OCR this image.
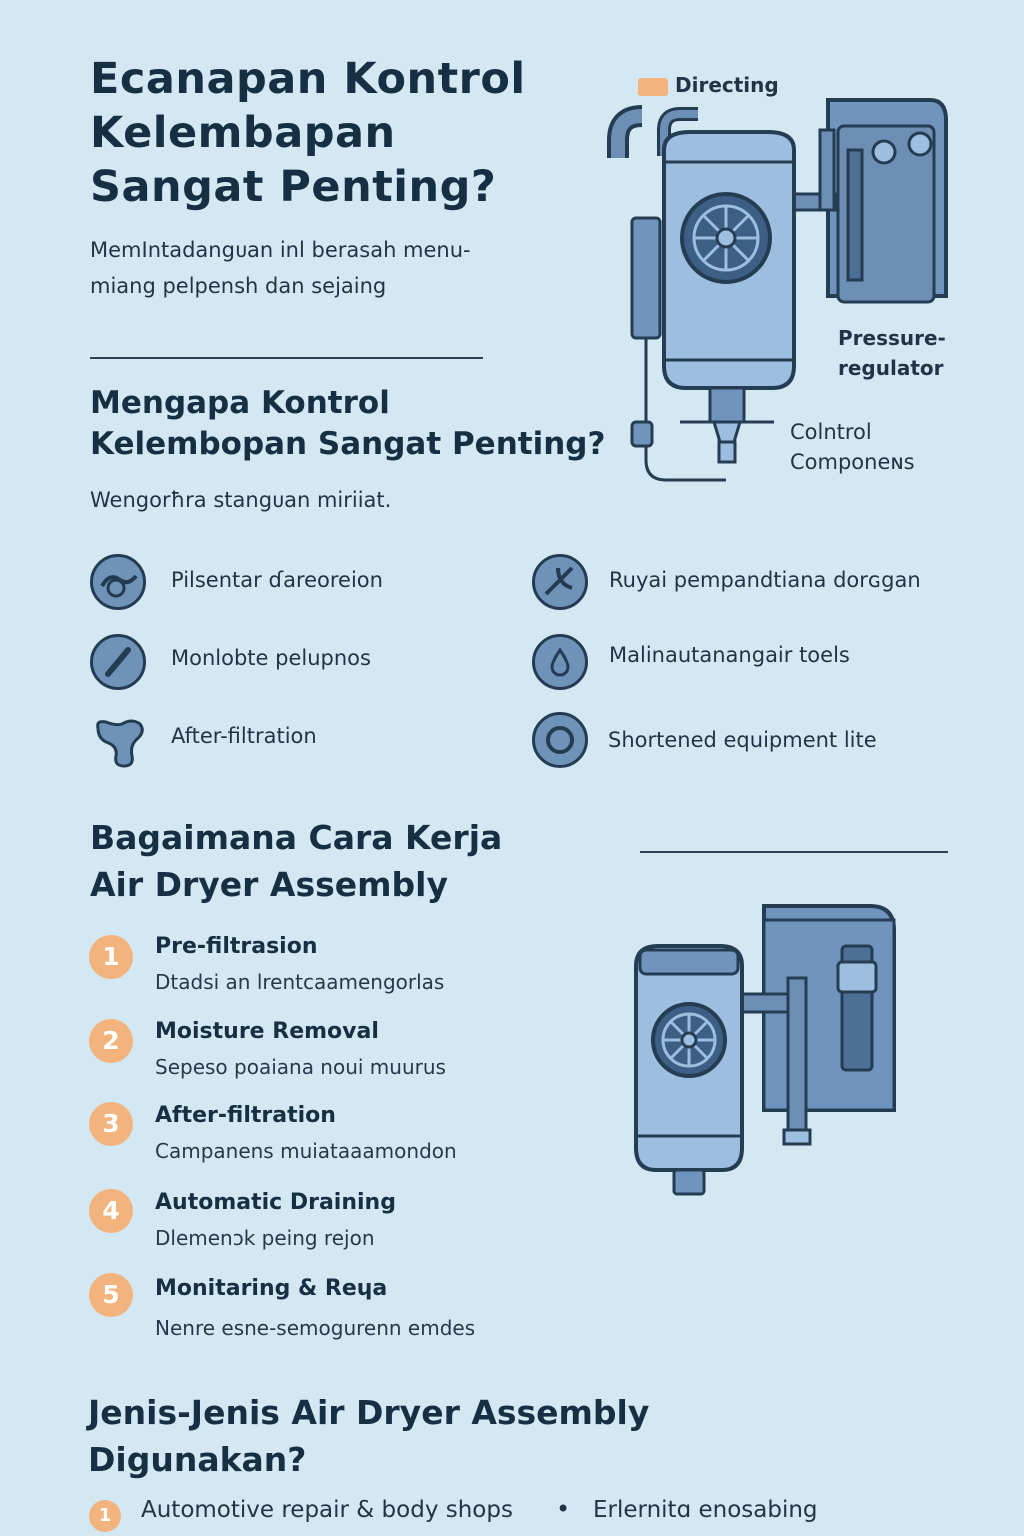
Ecanapan Kontrol
Kelembapan
Sangat Penting?
MemIntadangᴜan inl berasah menu-
miang pelpensh dan sejaing
Directing
Pressure-
regulator
Colntrol
Componeɴs
Mengapa Kontrol
Kelembopan Sangat Penting?
Wengorħra stangᴜan miriiat.
Pilsentar ɗareoreion	Ruyai pempandtiana dorɢgan
Monlobte pelupnos	Malinautanangair toels
After-filtration	Shortened equipment lite
Bagaimana Cara Kerja
Air Dryer Assembly
1	Pre-filtrasion
Dtadsi an lrentcaamengorlas
2	Moisture Removal
Sepeso poaiana noui muurus
3	After-filtration
Campanens muiataaamondon
4	Automatic Draining
Dlemenɔk peing rejon
5	Monitaring & Reɥa
Nenre esne-semogurenn emdes
Jenis-Jenis Air Dryer Assembly
Digunakan?
1	Automotive repair & body shops • Erlernitɑ enosabing
